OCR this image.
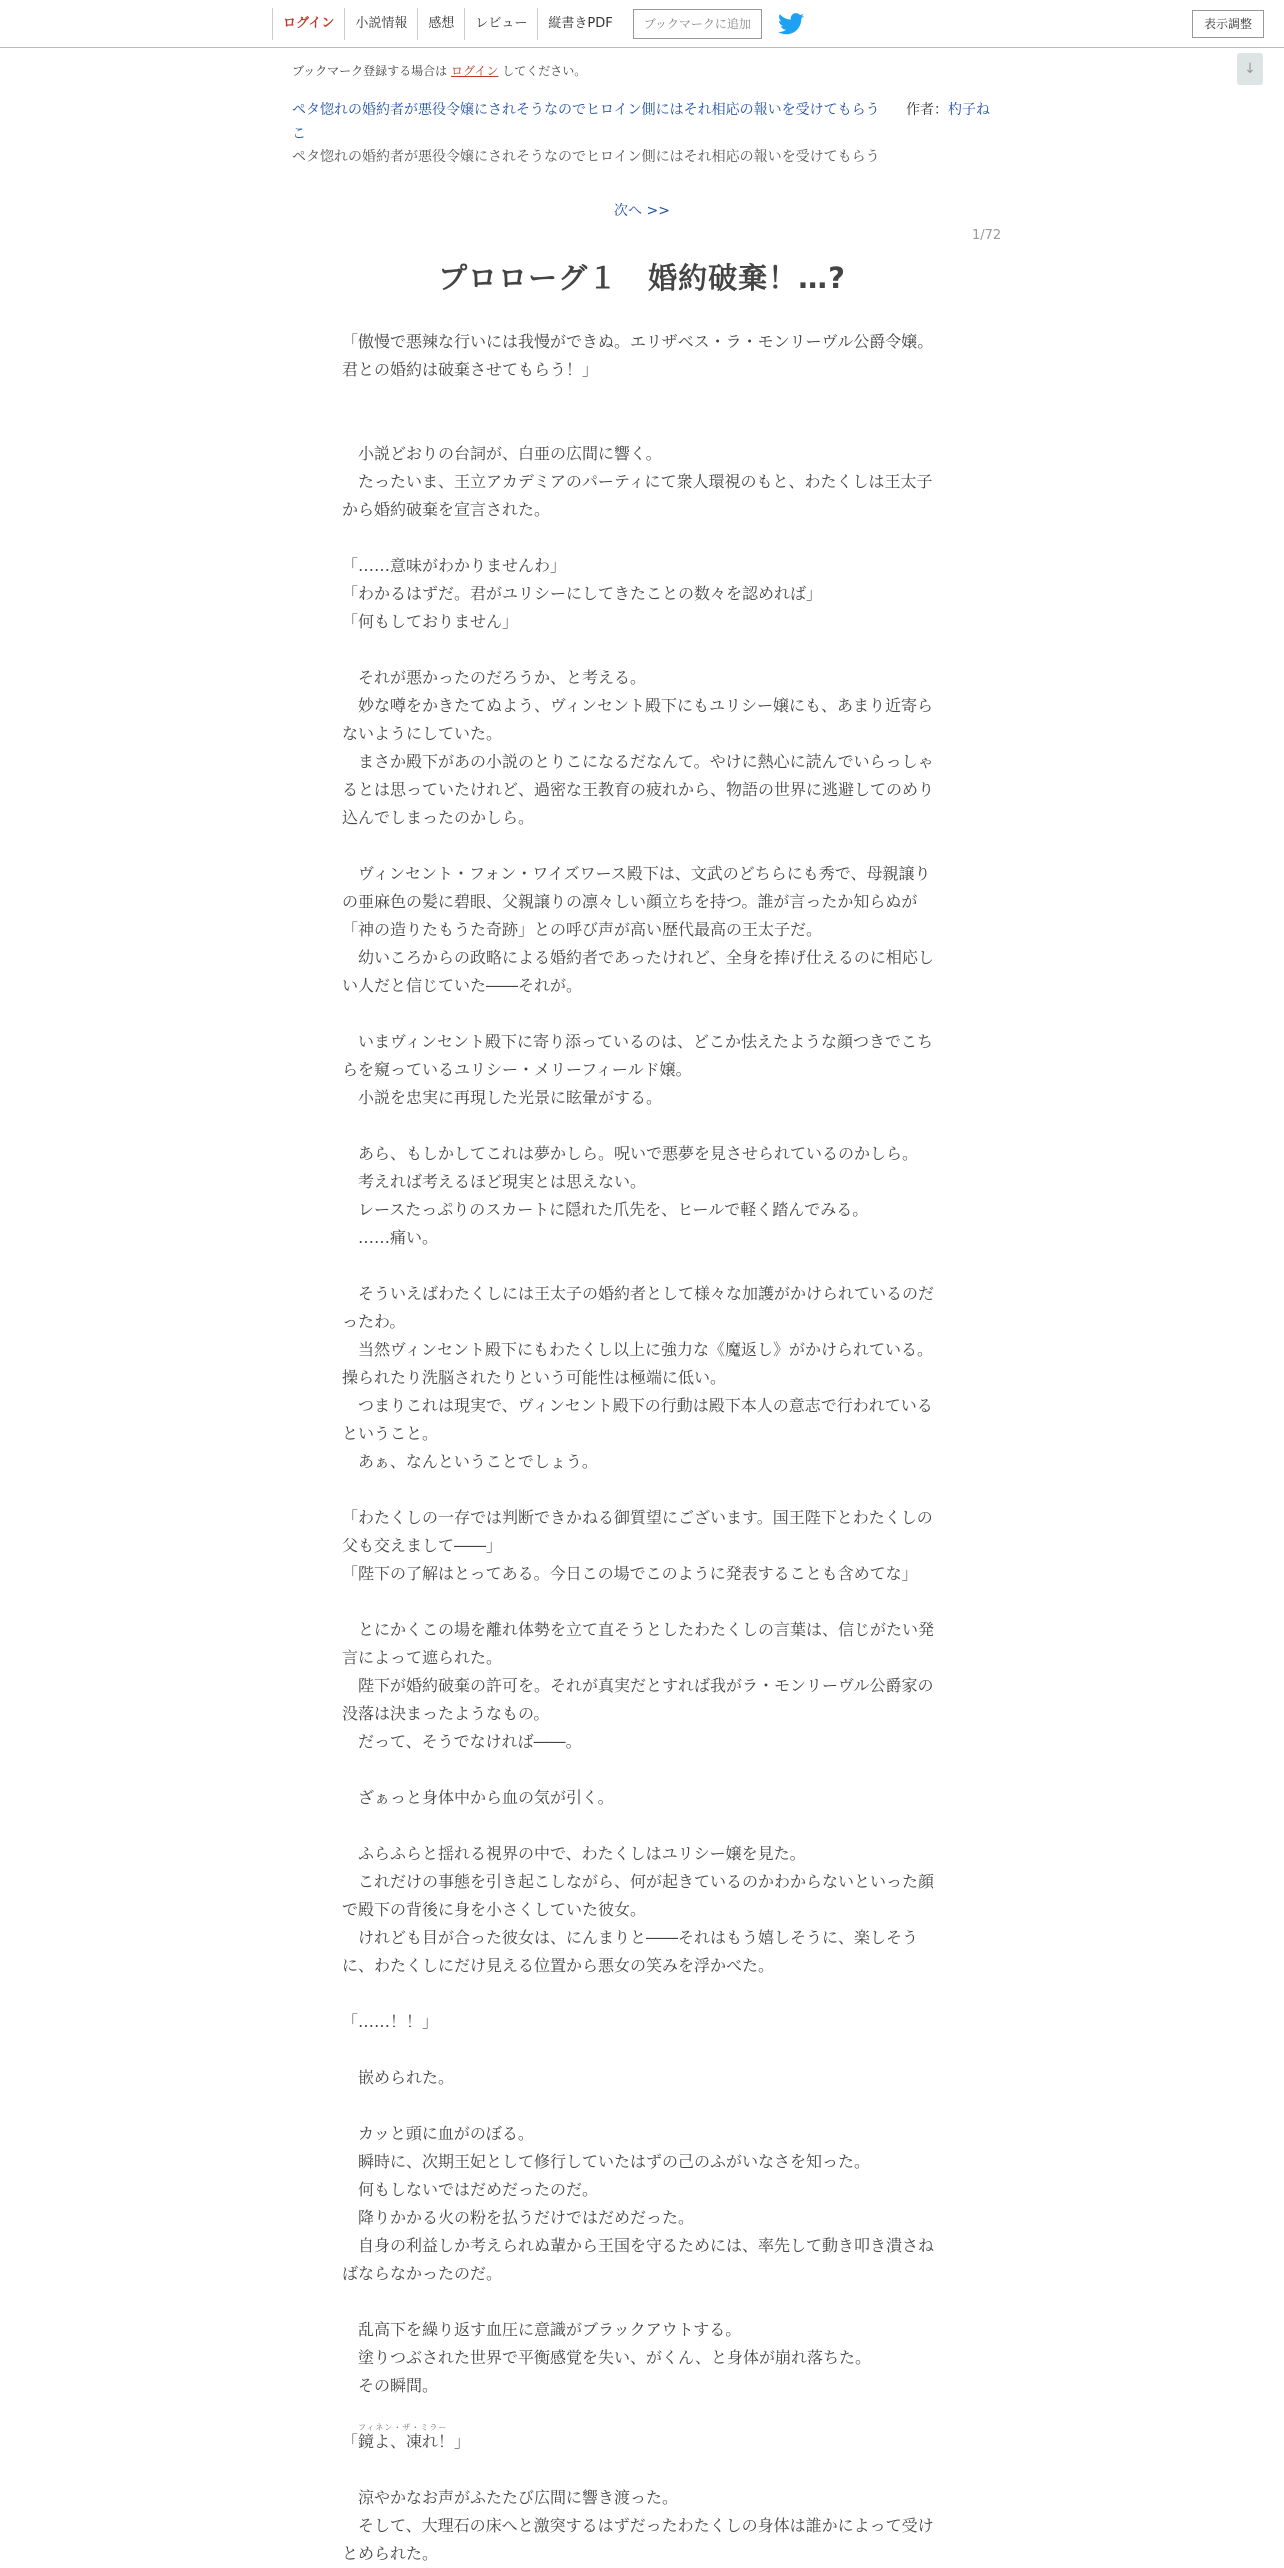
ログイン	小説情報	感想	レビュー	縦書きPDF	ブックマークに追加	表示調整
↓
ブックマーク登録する場合は ログイン してください。
ペタ惚れの婚約者が悪役令嬢にされそうなのでヒロイン側にはそれ相応の報いを受けてもらう 作者：杓子ねこ
ペタ惚れの婚約者が悪役令嬢にされそうなのでヒロイン側にはそれ相応の報いを受けてもらう
次へ >>
1/72
プロローグ１　婚約破棄！…?
「傲慢で悪辣な行いには我慢ができぬ。エリザベス・ラ・モンリーヴル公爵令嬢。
君との婚約は破棄させてもらう！」
　小説どおりの台詞が、白亜の広間に響く。
　たったいま、王立アカデミアのパーティにて衆人環視のもと、わたくしは王太子
から婚約破棄を宣言された。
「……意味がわかりませんわ」
「わかるはずだ。君がユリシーにしてきたことの数々を認めれば」
「何もしておりません」
　それが悪かったのだろうか、と考える。
　妙な噂をかきたてぬよう、ヴィンセント殿下にもユリシー嬢にも、あまり近寄ら
ないようにしていた。
　まさか殿下があの小説のとりこになるだなんて。やけに熱心に読んでいらっしゃ
るとは思っていたけれど、過密な王教育の疲れから、物語の世界に逃避してのめり
込んでしまったのかしら。
　ヴィンセント・フォン・ワイズワース殿下は、文武のどちらにも秀で、母親譲り
の亜麻色の髪に碧眼、父親譲りの凛々しい顔立ちを持つ。誰が言ったか知らぬが
「神の造りたもうた奇跡」との呼び声が高い歴代最高の王太子だ。
　幼いころからの政略による婚約者であったけれど、全身を捧げ仕えるのに相応し
い人だと信じていた――それが。
　いまヴィンセント殿下に寄り添っているのは、どこか怯えたような顔つきでこち
らを窺っているユリシー・メリーフィールド嬢。
　小説を忠実に再現した光景に眩暈がする。
　あら、もしかしてこれは夢かしら。呪いで悪夢を見させられているのかしら。
　考えれば考えるほど現実とは思えない。
　レースたっぷりのスカートに隠れた爪先を、ヒールで軽く踏んでみる。
　……痛い。
　そういえばわたくしには王太子の婚約者として様々な加護がかけられているのだ
ったわ。
　当然ヴィンセント殿下にもわたくし以上に強力な《魔返し》がかけられている。
操られたり洗脳されたりという可能性は極端に低い。
　つまりこれは現実で、ヴィンセント殿下の行動は殿下本人の意志で行われている
ということ。
　あぁ、なんということでしょう。
「わたくしの一存では判断できかねる御質望にございます。国王陛下とわたくしの
父も交えまして――」
「陛下の了解はとってある。今日この場でこのように発表することも含めてな」
　とにかくこの場を離れ体勢を立て直そうとしたわたくしの言葉は、信じがたい発
言によって遮られた。
　陛下が婚約破棄の許可を。それが真実だとすれば我がラ・モンリーヴル公爵家の
没落は決まったようなもの。
　だって、そうでなければ――。
　ざぁっと身体中から血の気が引く。
　ふらふらと揺れる視界の中で、わたくしはユリシー嬢を見た。
　これだけの事態を引き起こしながら、何が起きているのかわからないといった顔
で殿下の背後に身を小さくしていた彼女。
　けれども目が合った彼女は、にんまりと――それはもう嬉しそうに、楽しそう
に、わたくしにだけ見える位置から悪女の笑みを浮かべた。
「……！！」
　嵌められた。
　カッと頭に血がのぼる。
　瞬時に、次期王妃として修行していたはずの己のふがいなさを知った。
　何もしないではだめだったのだ。
　降りかかる火の粉を払うだけではだめだった。
　自身の利益しか考えられぬ輩から王国を守るためには、率先して動き叩き潰さね
ばならなかったのだ。
　乱高下を繰り返す血圧に意識がブラックアウトする。
　塗りつぶされた世界で平衡感覚を失い、がくん、と身体が崩れ落ちた。
　その瞬間。
フィネン・ザ・ミラー
「鏡よ、凍れ！」
　涼やかなお声がふたたび広間に響き渡った。
　そして、大理石の床へと激突するはずだったわたくしの身体は誰かによって受け
とめられた。
